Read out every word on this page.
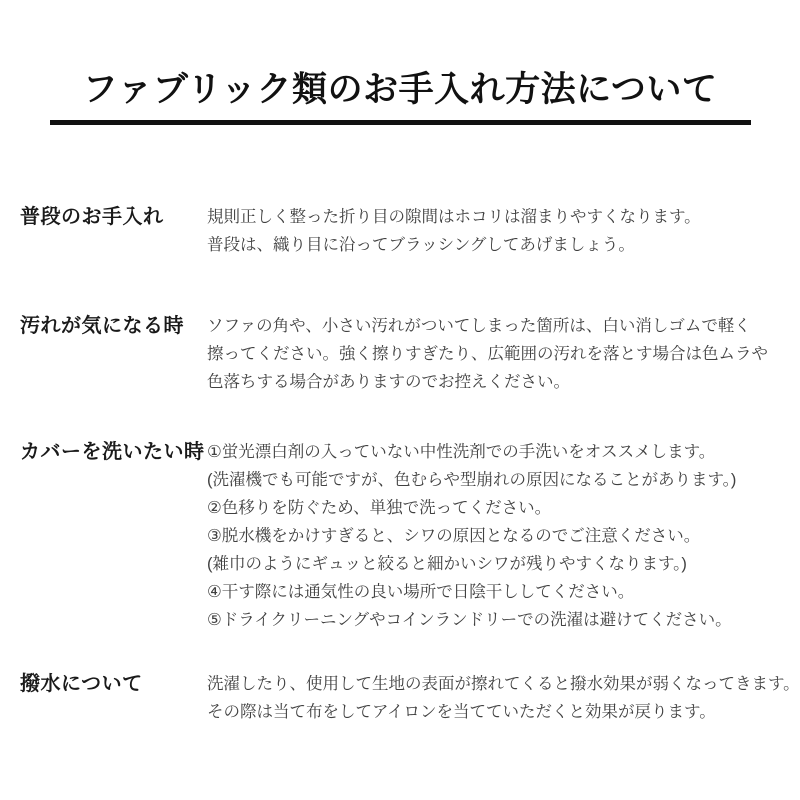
ファブリック類のお手入れ方法について
普段のお手入れ	規則正しく整った折り目の隙間はホコリは溜まりやすくなります。

普段は、織り目に沿ってブラッシングしてあげましょう。

汚れが気になる時	ソファの角や、小さい汚れがついてしまった箇所は、白い消しゴムで軽く

擦ってください。強く擦りすぎたり、広範囲の汚れを落とす場合は色ムラや

色落ちする場合がありますのでお控えください。

カバーを洗いたい時 ①蛍光漂白剤の入っていない中性洗剤での手洗いをオススメします。

(洗濯機でも可能ですが、色むらや型崩れの原因になることがあります。)

②色移りを防ぐため、単独で洗ってください。

③脱水機をかけすぎると、シワの原因となるのでご注意ください。

(雑巾のようにギュッと絞ると細かいシワが残りやすくなります。)

④干す際には通気性の良い場所で日陰干ししてください。

⑤ドライクリーニングやコインランドリーでの洗濯は避けてください。

撥水について	洗濯したり、使用して生地の表面が擦れてくると撥水効果が弱くなってきます。

その際は当て布をしてアイロンを当てていただくと効果が戻ります。
